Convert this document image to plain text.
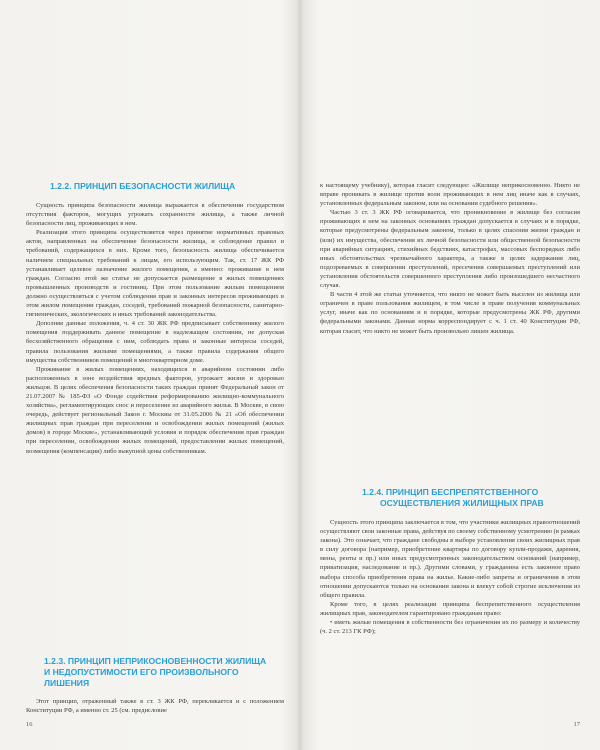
1.2.2. ПРИНЦИП БЕЗОПАСНОСТИ ЖИЛИЩА

Сущность принципа безопасности жилища выражается в обеспечении государством отсутствия факторов, могущих угрожать сохранности жилища, а также личной безопасности лиц, проживающих в нем.

Реализация этого принципа осуществляется через принятие нормативных правовых актов, направленных на обеспечение безопасности жилища, и соблюдение правил и требований, содержащихся в них. Кроме того, безопасность жилища обеспечивается наличием специальных требований к лицам, его использующим. Так, ст. 17 ЖК РФ устанавливает целевое назначение жилого помещения, а именно: проживание в нем граждан. Согласно этой же статье не допускается размещение в жилых помещениях промышленных производств и гостиниц. При этом пользование жилым помещением должно осуществляться с учетом соблюдения прав и законных интересов проживающих в этом жилом помещении граждан, соседей, требований пожарной безопасности, санитарно-гигиенических, экологических и иных требований законодательства.

Дополняя данные положения, ч. 4 ст. 30 ЖК РФ предписывает собственнику жилого помещения поддерживать данное помещение в надлежащем состоянии, не допуская бесхозяйственного обращения с ним, соблюдать права и законные интересы соседей, правила пользования жилыми помещениями, а также правила содержания общего имущества собственников помещений в многоквартирном доме.

Проживание в жилых помещениях, находящихся в аварийном состоянии либо расположенных в зоне воздействия вредных факторов, угрожает жизни и здоровью жильцов. В целях обеспечения безопасности таких граждан принят Федеральный закон от 21.07.2007 № 185-ФЗ «О Фонде содействия реформированию жилищно-коммунального хозяйства», регламентирующих снос и переселение из аварийного жилья. В Москве, в свою очередь, действует региональный Закон г. Москвы от 31.05.2006 № 21 «Об обеспечении жилищных прав граждан при переселении и освобождении жилых помещений (жилых домов) в городе Москве», устанавливающий условия и порядок обеспечения прав граждан при переселении, освобождении жилых помещений, предоставлении жилых помещений, возмещения (компенсации) либо выкупной цены собственникам.

1.2.3. ПРИНЦИП НЕПРИКОСНОВЕННОСТИ ЖИЛИЩА
И НЕДОПУСТИМОСТИ ЕГО ПРОИЗВОЛЬНОГО ЛИШЕНИЯ

Этот принцип, отраженный также в ст. 3 ЖК РФ, перекликается и с положением Конституции РФ, а именно ст. 25 (см. предисловие

16

к настоящему учебнику), которая гласит следующее: «Жилище неприкосновенно. Никто не вправе проникать в жилище против воли проживающих в нем лиц иначе как в случаях, установленных федеральным законом, или на основании судебного решения».

Частью 3 ст. 3 ЖК РФ оговаривается, что проникновение в жилище без согласия проживающих в нем на законных основаниях граждан допускается в случаях и в порядке, которые предусмотрены федеральным законом, только в целях спасения жизни граждан и (или) их имущества, обеспечения их личной безопасности или общественной безопасности при аварийных ситуациях, стихийных бедствиях, катастрофах, массовых беспорядках либо иных обстоятельствах чрезвычайного характера, а также в целях задержания лиц, подозреваемых в совершении преступлений, пресечения совершаемых преступлений или установления обстоятельств совершенного преступления либо произошедшего несчастного случая.

В части 4 этой же статьи уточняется, что никто не может быть выселен из жилища или ограничен в праве пользования жилищем, в том числе в праве получения коммунальных услуг, иначе как по основаниям и в порядке, которые предусмотрены ЖК РФ, другими федеральными законами. Данная норма корреспондирует с ч. 1 ст. 40 Конституции РФ, которая гласит, что никто не может быть произвольно лишен жилища.

1.2.4. ПРИНЦИП БЕСПРЕПЯТСТВЕННОГО
ОСУЩЕСТВЛЕНИЯ ЖИЛИЩНЫХ ПРАВ

Сущность этого принципа заключается в том, что участники жилищных правоотношений осуществляют свои законные права, действуя по своему собственному усмотрению (в рамках закона). Это означает, что граждане свободны в выборе установления своих жилищных прав в силу договора (например, приобретение квартиры по договору купли-продажи, дарения, мены, ренты и пр.) или иных предусмотренных законодательством оснований (например, приватизация, наследование и пр.). Другими словами, у гражданина есть законное право выбора способа приобретения права на жилье. Какие-либо запреты и ограничения в этом отношении допускаются только на основании закона и влекут собой строгие исключения из общего правила.

Кроме того, в целях реализации принципа беспрепятственного осуществления жилищных прав, законодателем гарантировано гражданам право:

• иметь жилые помещения в собственности без ограничения их по размеру и количеству (ч. 2 ст. 213 ГК РФ);

17
